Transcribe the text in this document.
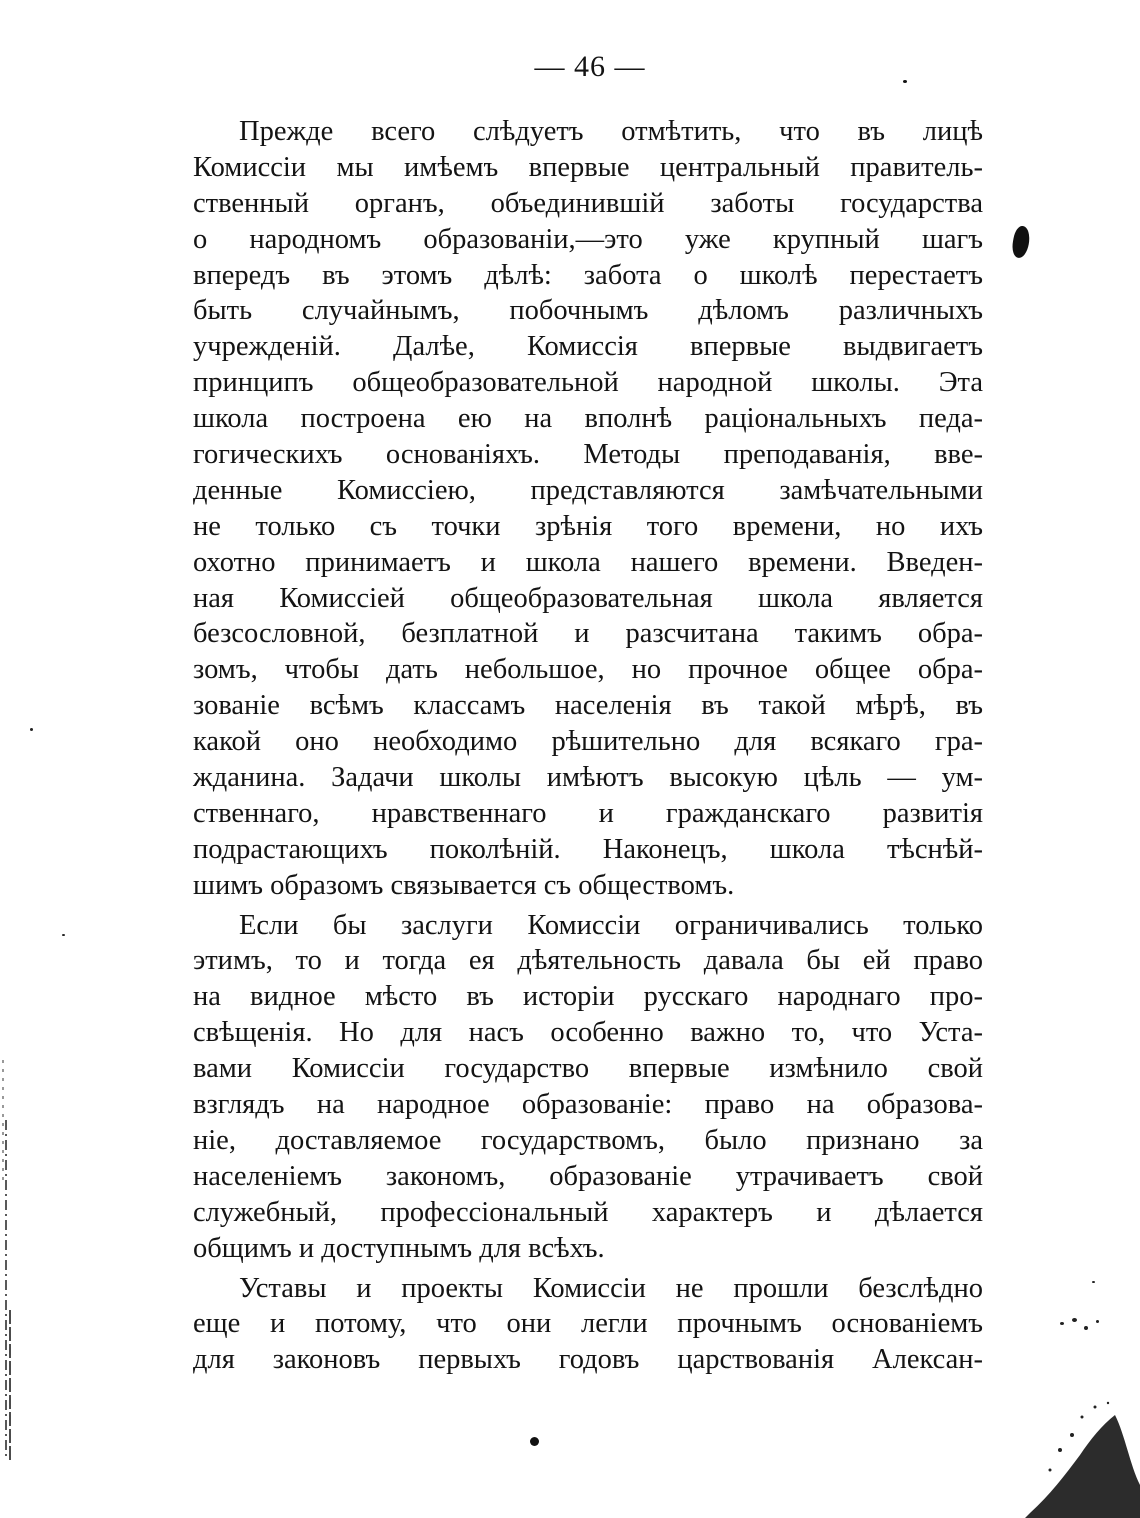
— 46 —
Прежде всего слѣдуетъ отмѣтить, что въ лицѣ
Комиссiи мы имѣемъ впервые центральный правитель-
ственный органъ, объединившiй заботы государства
о народномъ образованiи,—это уже крупный шагъ
впередъ въ этомъ дѣлѣ: забота о школѣ перестаетъ
быть случайнымъ, побочнымъ дѣломъ различныхъ
учрежденiй. Далѣе, Комиссiя впервые выдвигаетъ
принципъ общеобразовательной народной школы. Эта
школа построена ею на вполнѣ рацiональныхъ педа-
гогическихъ основанiяхъ. Методы преподаванiя, вве-
денные Комиссiею, представляются замѣчательными
не только съ точки зрѣнiя того времени, но ихъ
охотно принимаетъ и школа нашего времени. Введен-
ная Комиссiей общеобразовательная школа является
безсословной, безплатной и разсчитана такимъ обра-
зомъ, чтобы дать небольшое, но прочное общее обра-
зованiе всѣмъ классамъ населенiя въ такой мѣрѣ, въ
какой оно необходимо рѣшительно для всякаго гра-
жданина. Задачи школы имѣютъ высокую цѣль — ум-
ственнаго, нравственнаго и гражданскаго развитiя
подрастающихъ поколѣнiй. Наконецъ, школа тѣснѣй-
шимъ образомъ связывается съ обществомъ.
Если бы заслуги Комиссiи ограничивались только
этимъ, то и тогда ея дѣятельность давала бы ей право
на видное мѣсто въ исторiи русскаго народнаго про-
свѣщенiя. Но для насъ особенно важно то, что Уста-
вами Комиссiи государство впервые измѣнило свой
взглядъ на народное образованiе: право на образова-
нiе, доставляемое государствомъ, было признано за
населенiемъ закономъ, образованiе утрачиваетъ свой
служебный, профессiональный характеръ и дѣлается
общимъ и доступнымъ для всѣхъ.
Уставы и проекты Комиссiи не прошли безслѣдно
еще и потому, что они легли прочнымъ основанiемъ
для законовъ первыхъ годовъ царствованiя Алексан-
